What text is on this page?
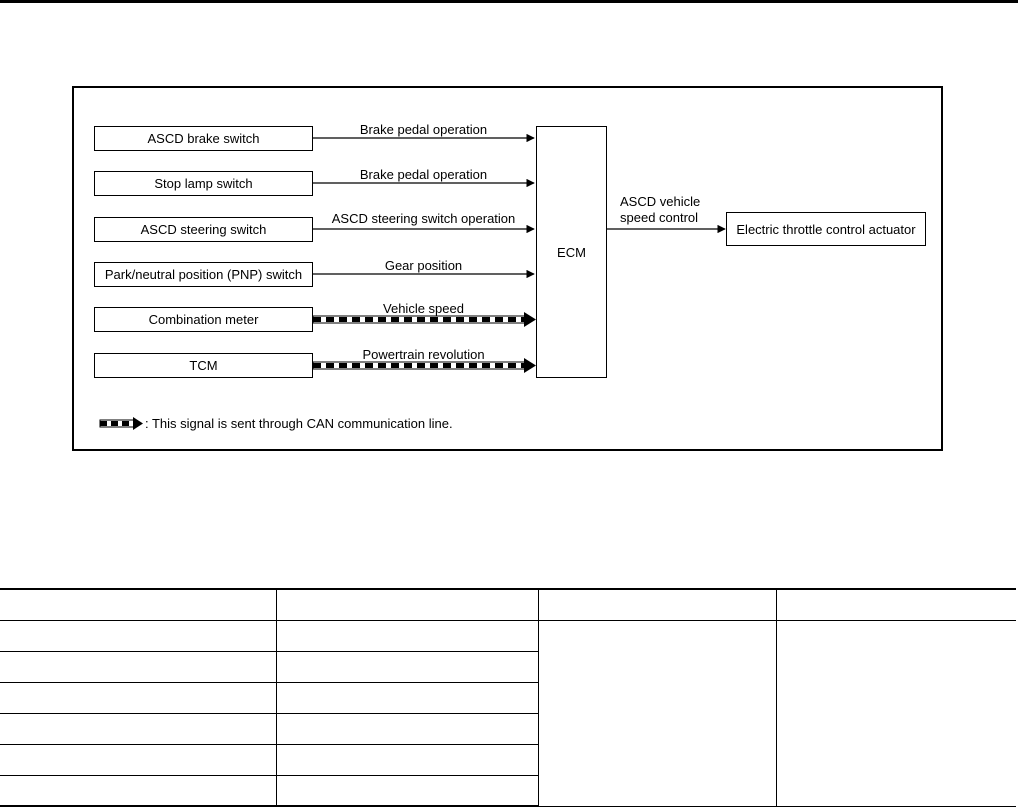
ASCD brake switch
Stop lamp switch
ASCD steering switch
Park/neutral position (PNP) switch
Combination meter
TCM
Brake pedal operation
Brake pedal operation
ASCD steering switch operation
Gear position
Vehicle speed
Powertrain revolution
ECM
ASCD vehicle
speed control
Electric throttle control actuator
: This signal is sent through CAN communication line.
